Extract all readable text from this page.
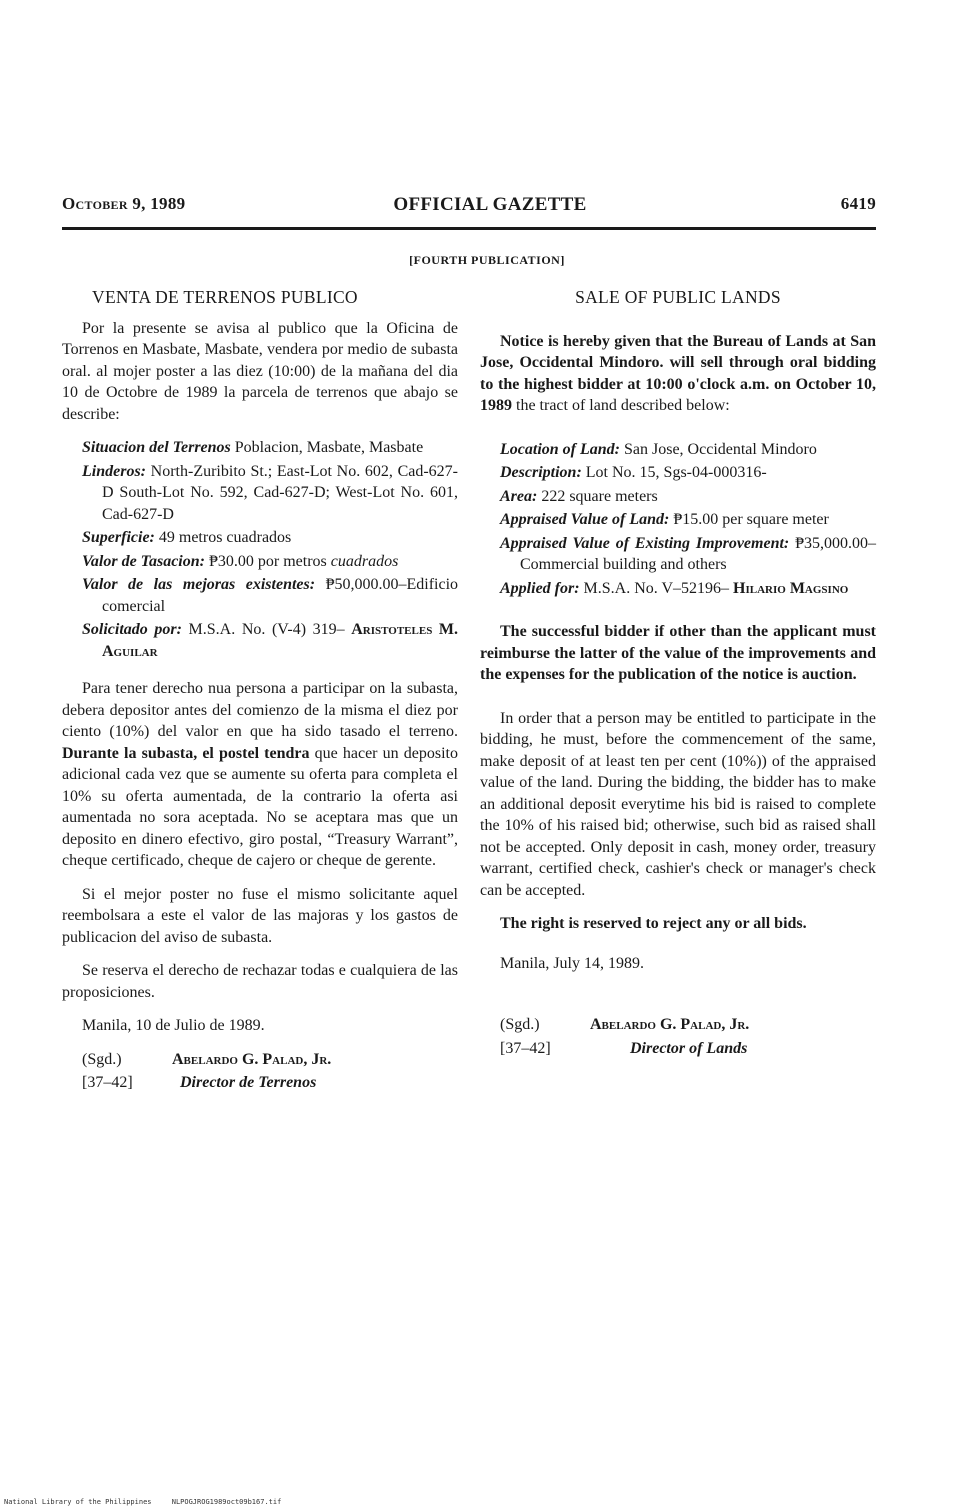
October 9, 1989	OFFICIAL GAZETTE	6419
[FOURTH PUBLICATION]
VENTA DE TERRENOS PUBLICO

Por la presente se avisa al publico que la Oficina de Torrenos en Masbate, Masbate, vendera por medio de subasta oral. al mojer poster a las diez (10:00) de la mañana del dia 10 de Octobre de 1989 la parcela de terrenos que abajo se describe:

Situacion del Terrenos Poblacion, Masbate, Masbate
Linderos: North-Zuribito St.; East-Lot No. 602, Cad-627-D South-Lot No. 592, Cad-627-D; West-Lot No. 601, Cad-627-D
Superficie: 49 metros cuadrados
Valor de Tasacion: ₱30.00 por metros cuadrados
Valor de las mejoras existentes: ₱50,000.00–Edificio comercial
Solicitado por: M.S.A. No. (V-4) 319– Aristoteles M. Aguilar

Para tener derecho nua persona a participar on la subasta, debera depositor antes del comienzo de la misma el diez por ciento (10%) del valor en que ha sido tasado el terreno. Durante la subasta, el postel tendra que hacer un deposito adicional cada vez que se aumente su oferta para completa el 10% su oferta aumentada, de la contrario la oferta asi aumentada no sora aceptada. No se aceptara mas que un deposito en dinero efectivo, giro postal, “Treasury Warrant”, cheque certificado, cheque de cajero or cheque de gerente.

Si el mejor poster no fuse el mismo solicitante aquel reembolsara a este el valor de las majoras y los gastos de publicacion del aviso de subasta.

Se reserva el derecho de rechazar todas e cualquiera de las proposiciones.

Manila, 10 de Julio de 1989.

(Sgd.)	Abelardo G. Palad, Jr.
[37–42]	Director de Terrenos
SALE OF PUBLIC LANDS

Notice is hereby given that the Bureau of Lands at San Jose, Occidental Mindoro. will sell through oral bidding to the highest bidder at 10:00 o'clock a.m. on October 10, 1989 the tract of land described below:

Location of Land: San Jose, Occidental Mindoro
Description: Lot No. 15, Sgs-04-000316-
Area: 222 square meters
Appraised Value of Land: ₱15.00 per square meter
Appraised Value of Existing Improvement: ₱35,000.00–Commercial building and others
Applied for: M.S.A. No. V–52196– Hilario Magsino

The successful bidder if other than the applicant must reimburse the latter of the value of the improvements and the expenses for the publication of the notice is auction.

In order that a person may be entitled to participate in the bidding, he must, before the commencement of the same, make deposit of at least ten per cent (10%)) of the appraised value of the land. During the bidding, the bidder has to make an additional deposit everytime his bid is raised to complete the 10% of his raised bid; otherwise, such bid as raised shall not be accepted. Only deposit in cash, money order, treasury warrant, certified check, cashier's check or manager's check can be accepted.

The right is reserved to reject any or all bids.

Manila, July 14, 1989.

(Sgd.)	Abelardo G. Palad, Jr.
[37–42]	Director of Lands
National Library of the Philippines	NLPOGJROG1989oct09b167.tif
